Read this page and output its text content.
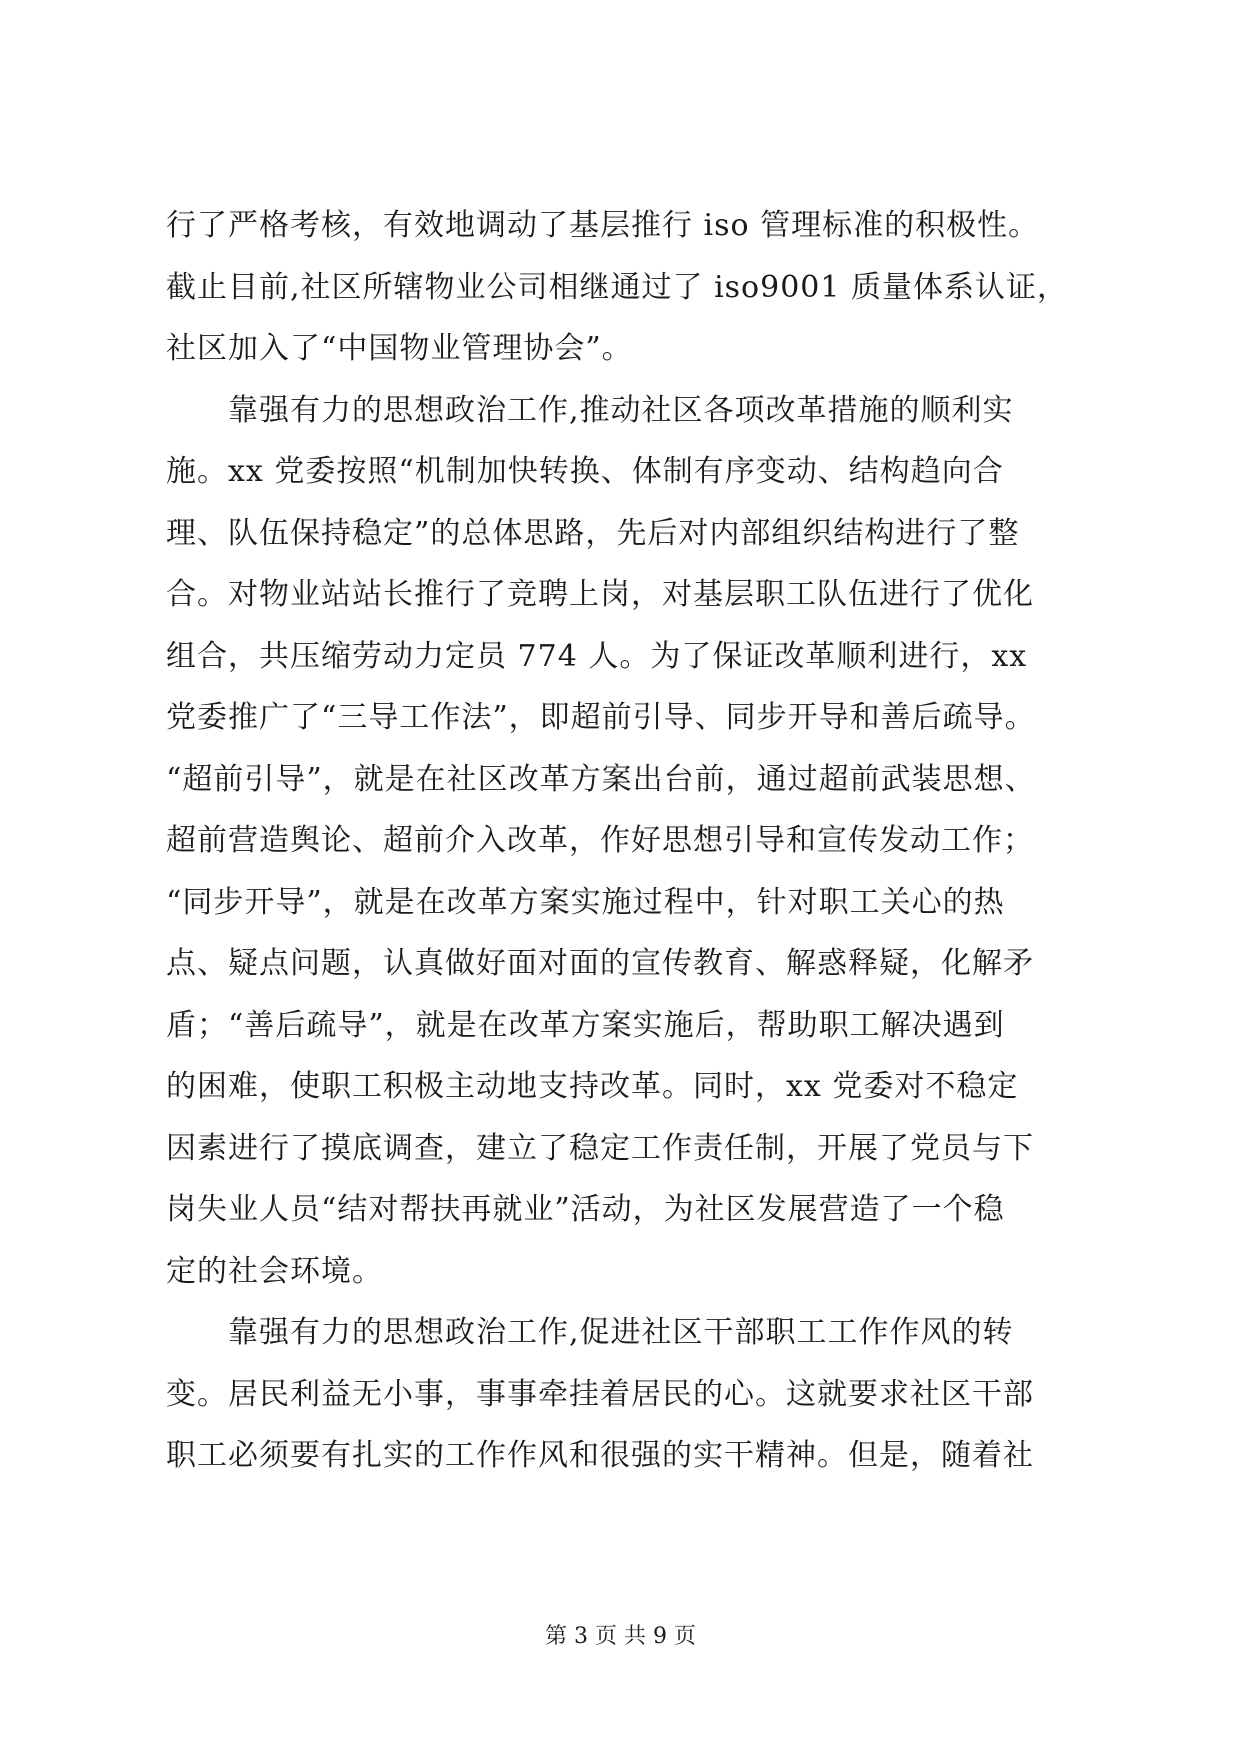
行了严格考核，有效地调动了基层推行 iso 管理标准的积极性。
截止目前,社区所辖物业公司相继通过了 iso9001 质量体系认证，
社区加入了“中国物业管理协会”。
　　靠强有力的思想政治工作,推动社区各项改革措施的顺利实
施。xx 党委按照“机制加快转换、体制有序变动、结构趋向合
理、队伍保持稳定”的总体思路，先后对内部组织结构进行了整
合。对物业站站长推行了竞聘上岗，对基层职工队伍进行了优化
组合，共压缩劳动力定员 774 人。为了保证改革顺利进行，xx
党委推广了“三导工作法”，即超前引导、同步开导和善后疏导。
“超前引导”，就是在社区改革方案出台前，通过超前武装思想、
超前营造舆论、超前介入改革，作好思想引导和宣传发动工作；
“同步开导”，就是在改革方案实施过程中，针对职工关心的热
点、疑点问题，认真做好面对面的宣传教育、解惑释疑，化解矛
盾；“善后疏导”，就是在改革方案实施后，帮助职工解决遇到
的困难，使职工积极主动地支持改革。同时，xx 党委对不稳定
因素进行了摸底调查，建立了稳定工作责任制，开展了党员与下
岗失业人员“结对帮扶再就业”活动，为社区发展营造了一个稳
定的社会环境。
　　靠强有力的思想政治工作,促进社区干部职工工作作风的转
变。居民利益无小事，事事牵挂着居民的心。这就要求社区干部
职工必须要有扎实的工作作风和很强的实干精神。但是，随着社
第 3 页 共 9 页
